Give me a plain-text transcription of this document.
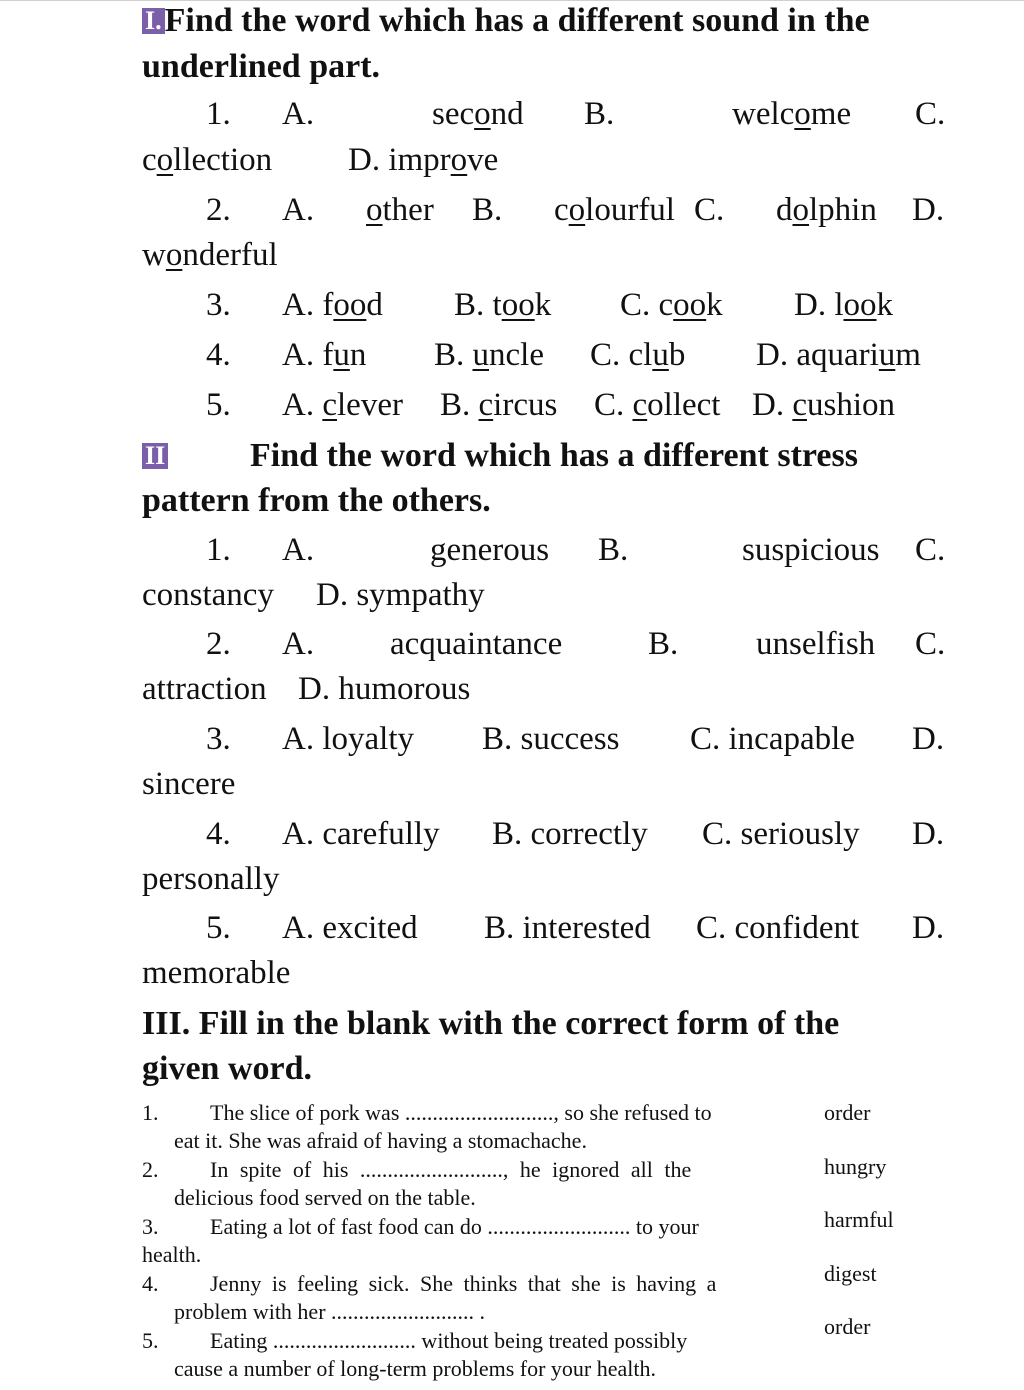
I.Find the word which has a different sound in the
underlined part.
1. A.	second B.	welcome C.
collection D. improve
2. A. other B. colourful C. dolphin D.
wonderful
3. A. food B. took C. cook D. look
4. A. fun B. uncle C. club D. aquarium
5. A. clever B. circus C. collect D. cushion
II Find the word which has a different stress
pattern from the others.
1. A.	generous B.	suspicious C.
constancy D. sympathy
2. A. acquaintance	B. unselfish C.
attraction D. humorous
3. A. loyalty B. success C. incapable D.
sincere
4. A. carefully B. correctly C. seriously D.
personally
5. A. excited B. interested C. confident D.
memorable
III. Fill in the blank with the correct form of the
given word.
1. The slice of pork was ..........................., so she refused to
eat it. She was afraid of having a stomachache.
order
2. In spite of his .........................., he ignored all the
delicious food served on the table.
hungry
3. Eating a lot of fast food can do .......................... to your
health.
harmful
4. Jenny is feeling sick. She thinks that she is having a
problem with her .......................... .
digest
5. Eating .......................... without being treated possibly
cause a number of long-term problems for your health.
order
